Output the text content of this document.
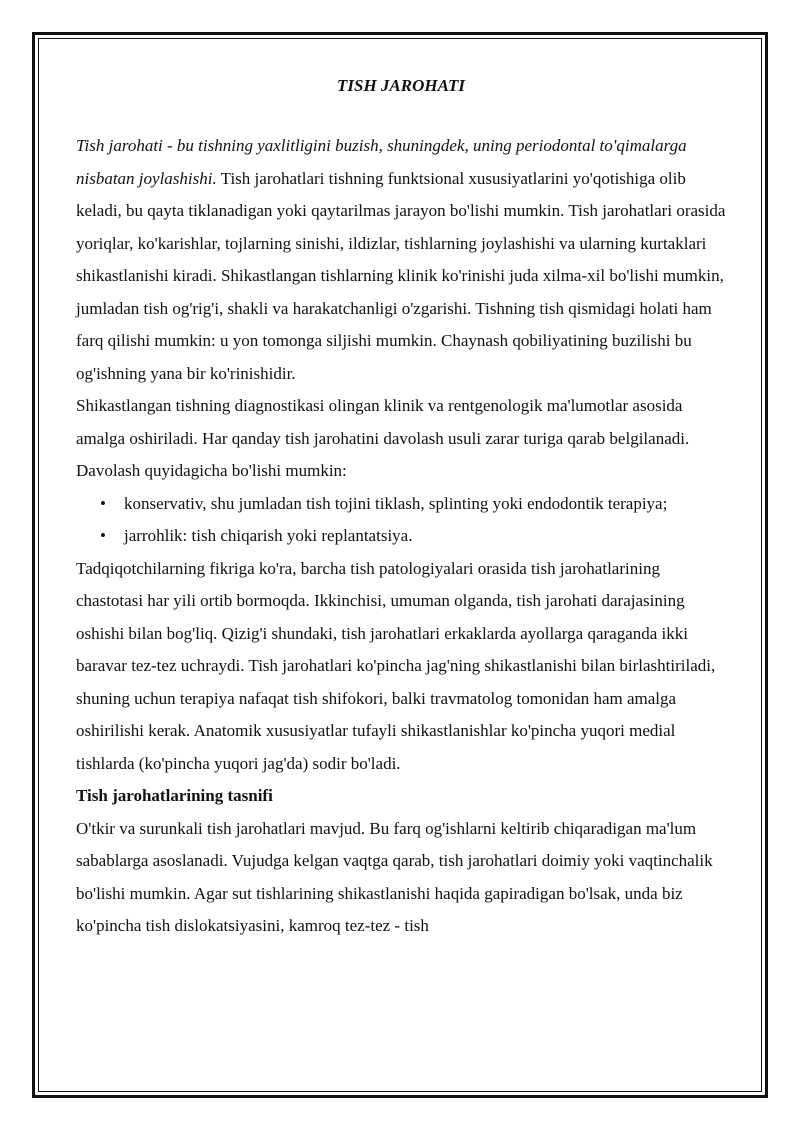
TISH JAROHATI

Tish jarohati - bu tishning yaxlitligini buzish, shuningdek, uning periodontal to'qimalarga nisbatan joylashishi. Tish jarohatlari tishning funktsional xususiyatlarini yo'qotishiga olib keladi, bu qayta tiklanadigan yoki qaytarilmas jarayon bo'lishi mumkin. Tish jarohatlari orasida yoriqlar, ko'karishlar, tojlarning sinishi, ildizlar, tishlarning joylashishi va ularning kurtaklari shikastlanishi kiradi. Shikastlangan tishlarning klinik ko'rinishi juda xilma-xil bo'lishi mumkin, jumladan tish og'rig'i, shakli va harakatchanligi o'zgarishi. Tishning tish qismidagi holati ham farq qilishi mumkin: u yon tomonga siljishi mumkin. Chaynash qobiliyatining buzilishi bu og'ishning yana bir ko'rinishidir.

Shikastlangan tishning diagnostikasi olingan klinik va rentgenologik ma'lumotlar asosida amalga oshiriladi. Har qanday tish jarohatini davolash usuli zarar turiga qarab belgilanadi. Davolash quyidagicha bo'lishi mumkin:

• konservativ, shu jumladan tish tojini tiklash, splinting yoki endodontik terapiya;
• jarrohlik: tish chiqarish yoki replantatsiya.

Tadqiqotchilarning fikriga ko'ra, barcha tish patologiyalari orasida tish jarohatlarining chastotasi har yili ortib bormoqda. Ikkinchisi, umuman olganda, tish jarohati darajasining oshishi bilan bog'liq. Qizig'i shundaki, tish jarohatlari erkaklarda ayollarga qaraganda ikki baravar tez-tez uchraydi. Tish jarohatlari ko'pincha jag'ning shikastlanishi bilan birlashtiriladi, shuning uchun terapiya nafaqat tish shifokori, balki travmatolog tomonidan ham amalga oshirilishi kerak. Anatomik xususiyatlar tufayli shikastlanishlar ko'pincha yuqori medial tishlarda (ko'pincha yuqori jag'da) sodir bo'ladi.

Tish jarohatlarining tasnifi

O'tkir va surunkali tish jarohatlari mavjud. Bu farq og'ishlarni keltirib chiqaradigan ma'lum sabablarga asoslanadi. Vujudga kelgan vaqtga qarab, tish jarohatlari doimiy yoki vaqtinchalik bo'lishi mumkin. Agar sut tishlarining shikastlanishi haqida gapiradigan bo'lsak, unda biz ko'pincha tish dislokatsiyasini, kamroq tez-tez - tish
